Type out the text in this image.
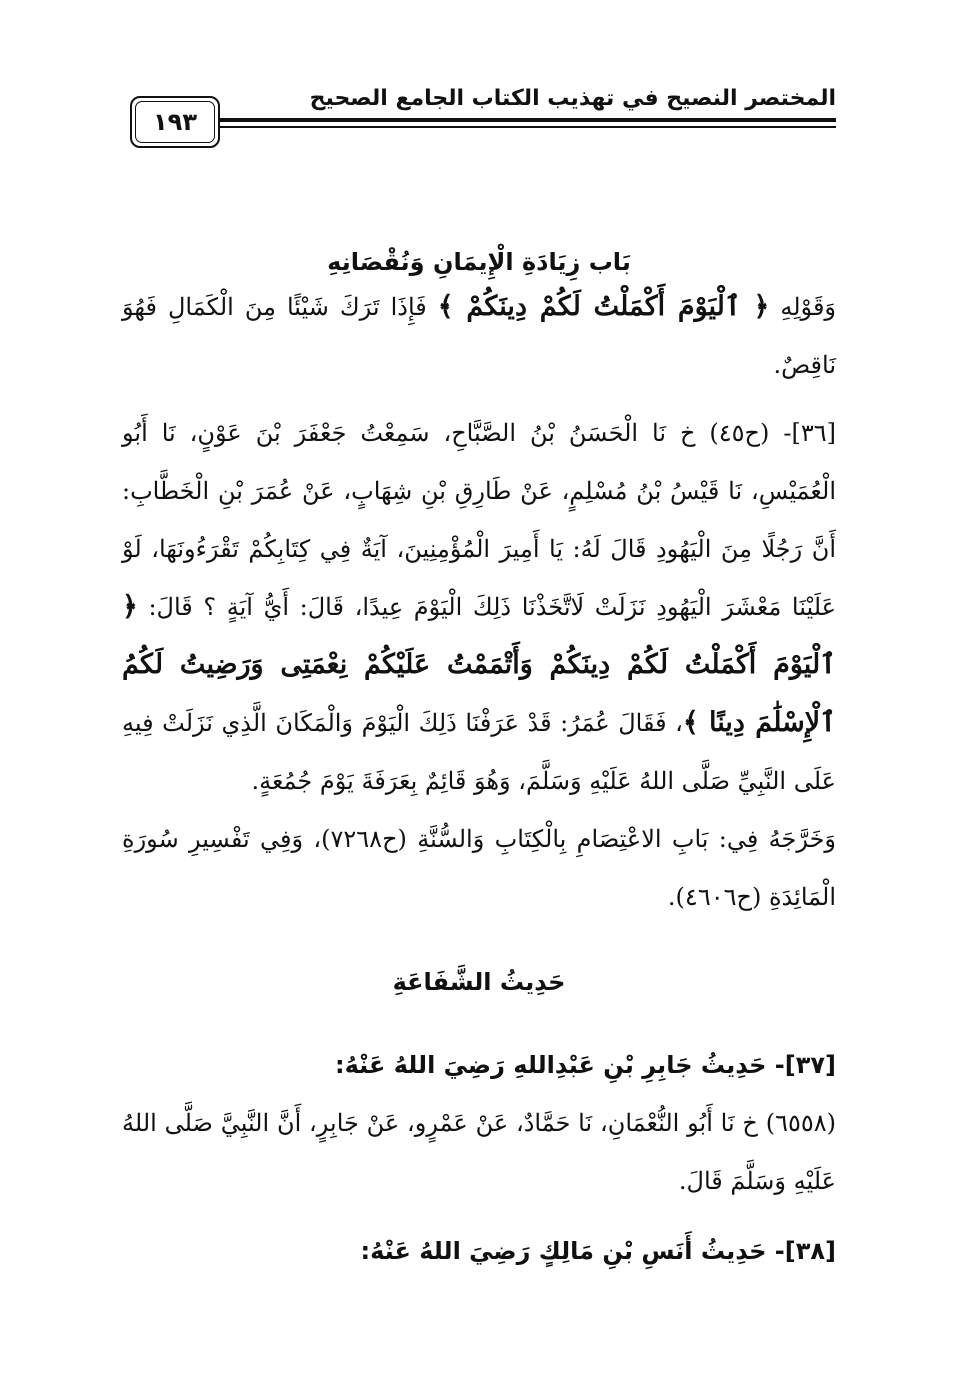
المختصر النصيح في تهذيب الكتاب الجامع الصحيح
١٩٣
بَاب زِيَادَةِ الْإِيمَانِ وَنُقْصَانِهِ

وَقَوْلِهِ ﴿ ٱلْيَوْمَ أَكْمَلْتُ لَكُمْ دِينَكُمْ ﴾ فَإِذَا تَرَكَ شَيْئًا مِنَ الْكَمَالِ فَهُوَ نَاقِصٌ.

[٣٦]- (ح٤٥) خ نَا الْحَسَنُ بْنُ الصَّبَّاحِ، سَمِعْتُ جَعْفَرَ بْنَ عَوْنٍ، نَا أَبُو الْعُمَيْسِ، نَا قَيْسُ بْنُ مُسْلِمٍ، عَنْ طَارِقِ بْنِ شِهَابٍ، عَنْ عُمَرَ بْنِ الْخَطَّابِ: أَنَّ رَجُلًا مِنَ الْيَهُودِ قَالَ لَهُ: يَا أَمِيرَ الْمُؤْمِنِينَ، آيَةٌ فِي كِتَابِكُمْ تَقْرَءُونَهَا، لَوْ عَلَيْنَا مَعْشَرَ الْيَهُودِ نَزَلَتْ لَاتَّخَذْنَا ذَلِكَ الْيَوْمَ عِيدًا، قَالَ: أَيُّ آيَةٍ ؟ قَالَ: ﴿ ٱلْيَوْمَ أَكْمَلْتُ لَكُمْ دِينَكُمْ وَأَتْمَمْتُ عَلَيْكُمْ نِعْمَتِى وَرَضِيتُ لَكُمُ ٱلْإِسْلَٰمَ دِينًا ﴾، فَقَالَ عُمَرُ: قَدْ عَرَفْنَا ذَلِكَ الْيَوْمَ وَالْمَكَانَ الَّذِي نَزَلَتْ فِيهِ عَلَى النَّبِيِّ صَلَّى اللهُ عَلَيْهِ وَسَلَّمَ، وَهُوَ قَائِمٌ بِعَرَفَةَ يَوْمَ جُمُعَةٍ.

وَخَرَّجَهُ فِي: بَابِ الاعْتِصَامِ بِالْكِتَابِ وَالسُّنَّةِ (ح٧٢٦٨)، وَفِي تَفْسِيرِ سُورَةِ الْمَائِدَةِ (ح٤٦٠٦).

حَدِيثُ الشَّفَاعَةِ

[٣٧]- حَدِيثُ جَابِرِ بْنِ عَبْدِاللهِ رَضِيَ اللهُ عَنْهُ:

(٦٥٥٨) خ نَا أَبُو النُّعْمَانِ، نَا حَمَّادٌ، عَنْ عَمْرٍو، عَنْ جَابِرٍ، أَنَّ النَّبِيَّ صَلَّى اللهُ عَلَيْهِ وَسَلَّمَ قَالَ.

[٣٨]- حَدِيثُ أَنَسِ بْنِ مَالِكٍ رَضِيَ اللهُ عَنْهُ:
